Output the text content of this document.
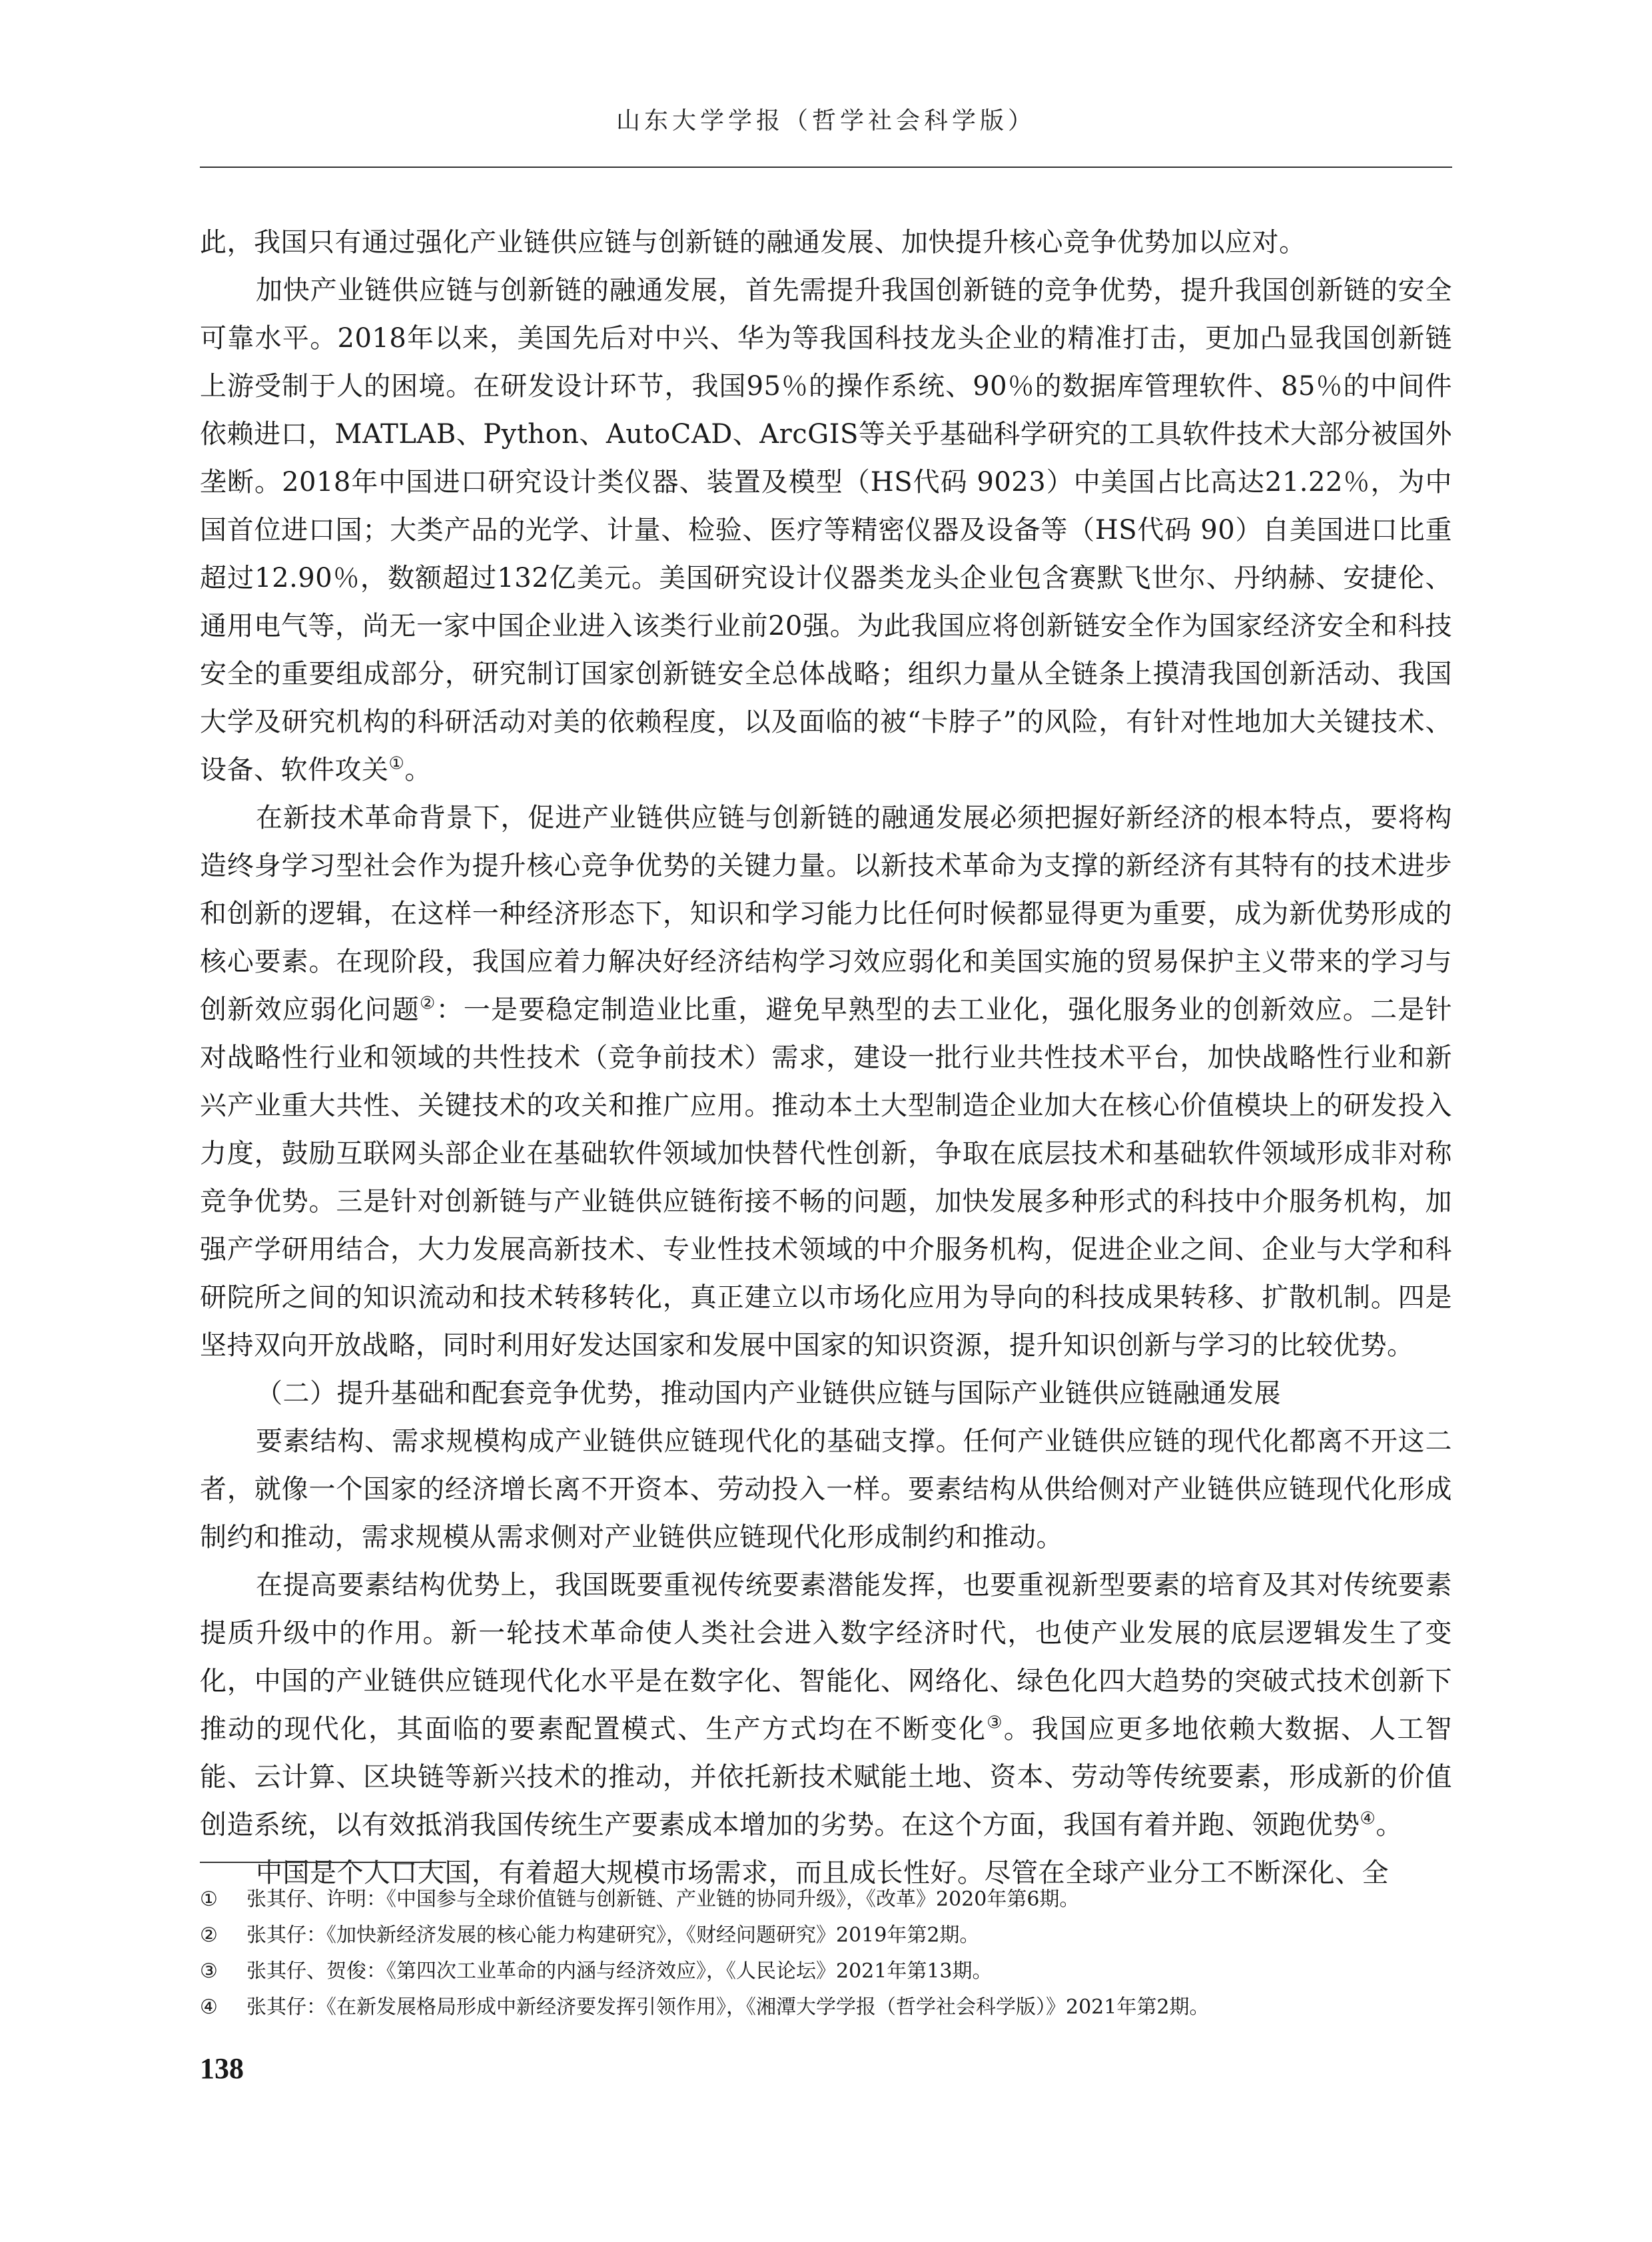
山东大学学报（哲学社会科学版）

此，我国只有通过强化产业链供应链与创新链的融通发展、加快提升核心竞争优势加以应对。

加快产业链供应链与创新链的融通发展，首先需提升我国创新链的竞争优势，提升我国创新链的安全可靠水平。2018年以来，美国先后对中兴、华为等我国科技龙头企业的精准打击，更加凸显我国创新链上游受制于人的困境。在研发设计环节，我国95％的操作系统、90％的数据库管理软件、85％的中间件依赖进口，MATLAB、Python、AutoCAD、ArcGIS等关乎基础科学研究的工具软件技术大部分被国外垄断。2018年中国进口研究设计类仪器、装置及模型（HS代码 9023）中美国占比高达21.22％，为中国首位进口国；大类产品的光学、计量、检验、医疗等精密仪器及设备等（HS代码 90）自美国进口比重超过12.90％，数额超过132亿美元。美国研究设计仪器类龙头企业包含赛默飞世尔、丹纳赫、安捷伦、通用电气等，尚无一家中国企业进入该类行业前20强。为此我国应将创新链安全作为国家经济安全和科技安全的重要组成部分，研究制订国家创新链安全总体战略；组织力量从全链条上摸清我国创新活动、我国大学及研究机构的科研活动对美的依赖程度，以及面临的被“卡脖子”的风险，有针对性地加大关键技术、设备、软件攻关①。

在新技术革命背景下，促进产业链供应链与创新链的融通发展必须把握好新经济的根本特点，要将构造终身学习型社会作为提升核心竞争优势的关键力量。以新技术革命为支撑的新经济有其特有的技术进步和创新的逻辑，在这样一种经济形态下，知识和学习能力比任何时候都显得更为重要，成为新优势形成的核心要素。在现阶段，我国应着力解决好经济结构学习效应弱化和美国实施的贸易保护主义带来的学习与创新效应弱化问题②：一是要稳定制造业比重，避免早熟型的去工业化，强化服务业的创新效应。二是针对战略性行业和领域的共性技术（竞争前技术）需求，建设一批行业共性技术平台，加快战略性行业和新兴产业重大共性、关键技术的攻关和推广应用。推动本土大型制造企业加大在核心价值模块上的研发投入力度，鼓励互联网头部企业在基础软件领域加快替代性创新，争取在底层技术和基础软件领域形成非对称竞争优势。三是针对创新链与产业链供应链衔接不畅的问题，加快发展多种形式的科技中介服务机构，加强产学研用结合，大力发展高新技术、专业性技术领域的中介服务机构，促进企业之间、企业与大学和科研院所之间的知识流动和技术转移转化，真正建立以市场化应用为导向的科技成果转移、扩散机制。四是坚持双向开放战略，同时利用好发达国家和发展中国家的知识资源，提升知识创新与学习的比较优势。

（二）提升基础和配套竞争优势，推动国内产业链供应链与国际产业链供应链融通发展

要素结构、需求规模构成产业链供应链现代化的基础支撑。任何产业链供应链的现代化都离不开这二者，就像一个国家的经济增长离不开资本、劳动投入一样。要素结构从供给侧对产业链供应链现代化形成制约和推动，需求规模从需求侧对产业链供应链现代化形成制约和推动。

在提高要素结构优势上，我国既要重视传统要素潜能发挥，也要重视新型要素的培育及其对传统要素提质升级中的作用。新一轮技术革命使人类社会进入数字经济时代，也使产业发展的底层逻辑发生了变化，中国的产业链供应链现代化水平是在数字化、智能化、网络化、绿色化四大趋势的突破式技术创新下推动的现代化，其面临的要素配置模式、生产方式均在不断变化③。我国应更多地依赖大数据、人工智能、云计算、区块链等新兴技术的推动，并依托新技术赋能土地、资本、劳动等传统要素，形成新的价值创造系统，以有效抵消我国传统生产要素成本增加的劣势。在这个方面，我国有着并跑、领跑优势④。

中国是个人口大国，有着超大规模市场需求，而且成长性好。尽管在全球产业分工不断深化、全

①	张其仔、许明：《中国参与全球价值链与创新链、产业链的协同升级》，《改革》2020年第6期。
②	张其仔：《加快新经济发展的核心能力构建研究》，《财经问题研究》2019年第2期。
③	张其仔、贺俊：《第四次工业革命的内涵与经济效应》，《人民论坛》2021年第13期。
④	张其仔：《在新发展格局形成中新经济要发挥引领作用》，《湘潭大学学报（哲学社会科学版）》2021年第2期。
138
